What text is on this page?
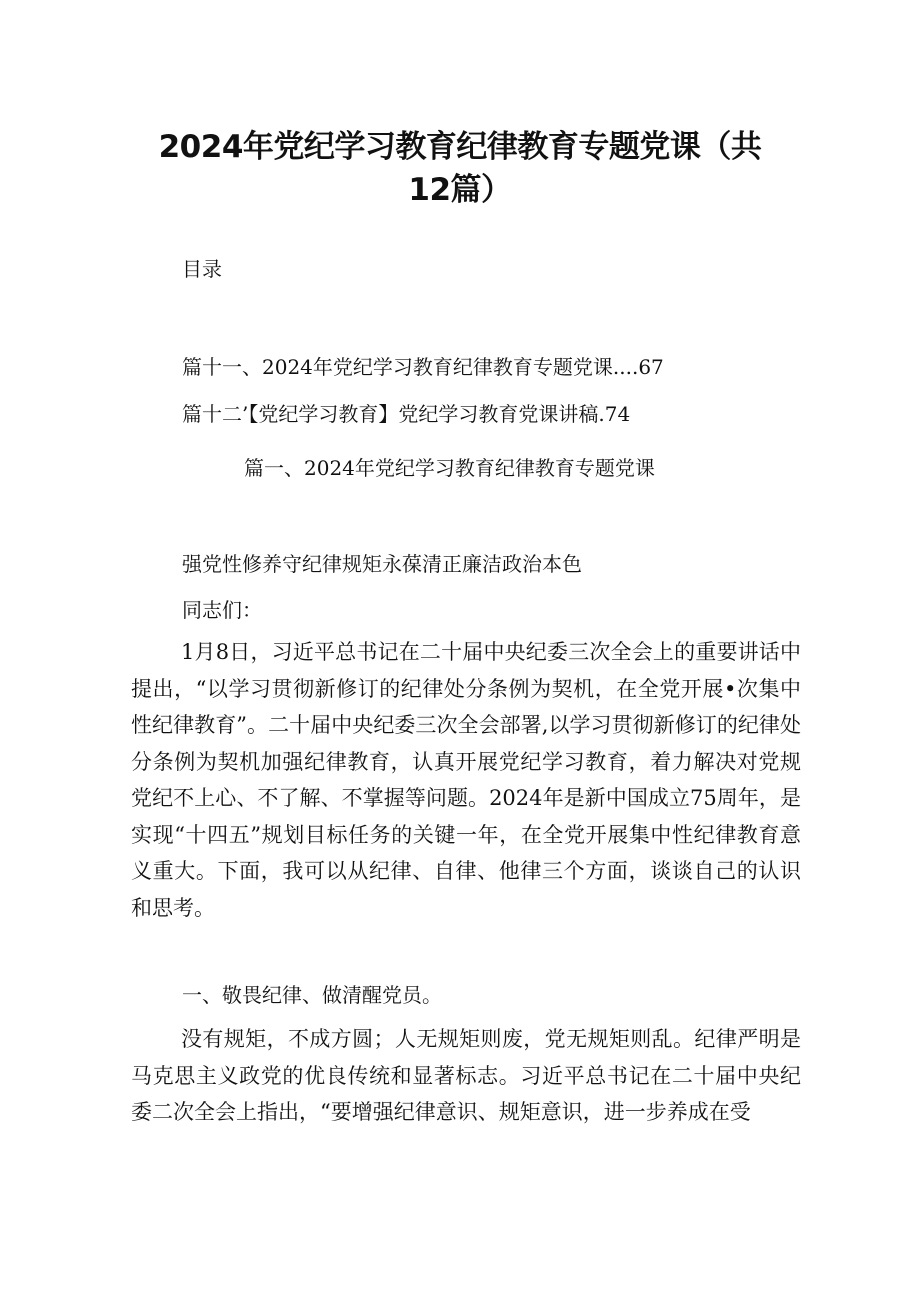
2024年党纪学习教育纪律教育专题党课（共
12篇）
目录
篇十一、2024年党纪学习教育纪律教育专题党课....67
篇十二’【党纪学习教育】党纪学习教育党课讲稿.74
篇一、2024年党纪学习教育纪律教育专题党课
强党性修养守纪律规矩永葆清正廉洁政治本色
同志们：
1月8日，习近平总书记在二十届中央纪委三次全会上的重要讲话中提出，“以学习贯彻新修订的纪律处分条例为契机，在全党开展•次集中性纪律教育”。二十届中央纪委三次全会部署,以学习贯彻新修订的纪律处分条例为契机加强纪律教育，认真开展党纪学习教育，着力解决对党规党纪不上心、不了解、不掌握等问题。2024年是新中国成立75周年，是实现“十四五”规划目标任务的关键一年，在全党开展集中性纪律教育意义重大。下面，我可以从纪律、自律、他律三个方面，谈谈自己的认识和思考。
一、敬畏纪律、做清醒党员。
没有规矩，不成方圆；人无规矩则废，党无规矩则乱。纪律严明是马克思主义政党的优良传统和显著标志。习近平总书记在二十届中央纪委二次全会上指出，“要增强纪律意识、规矩意识，进一步养成在受
